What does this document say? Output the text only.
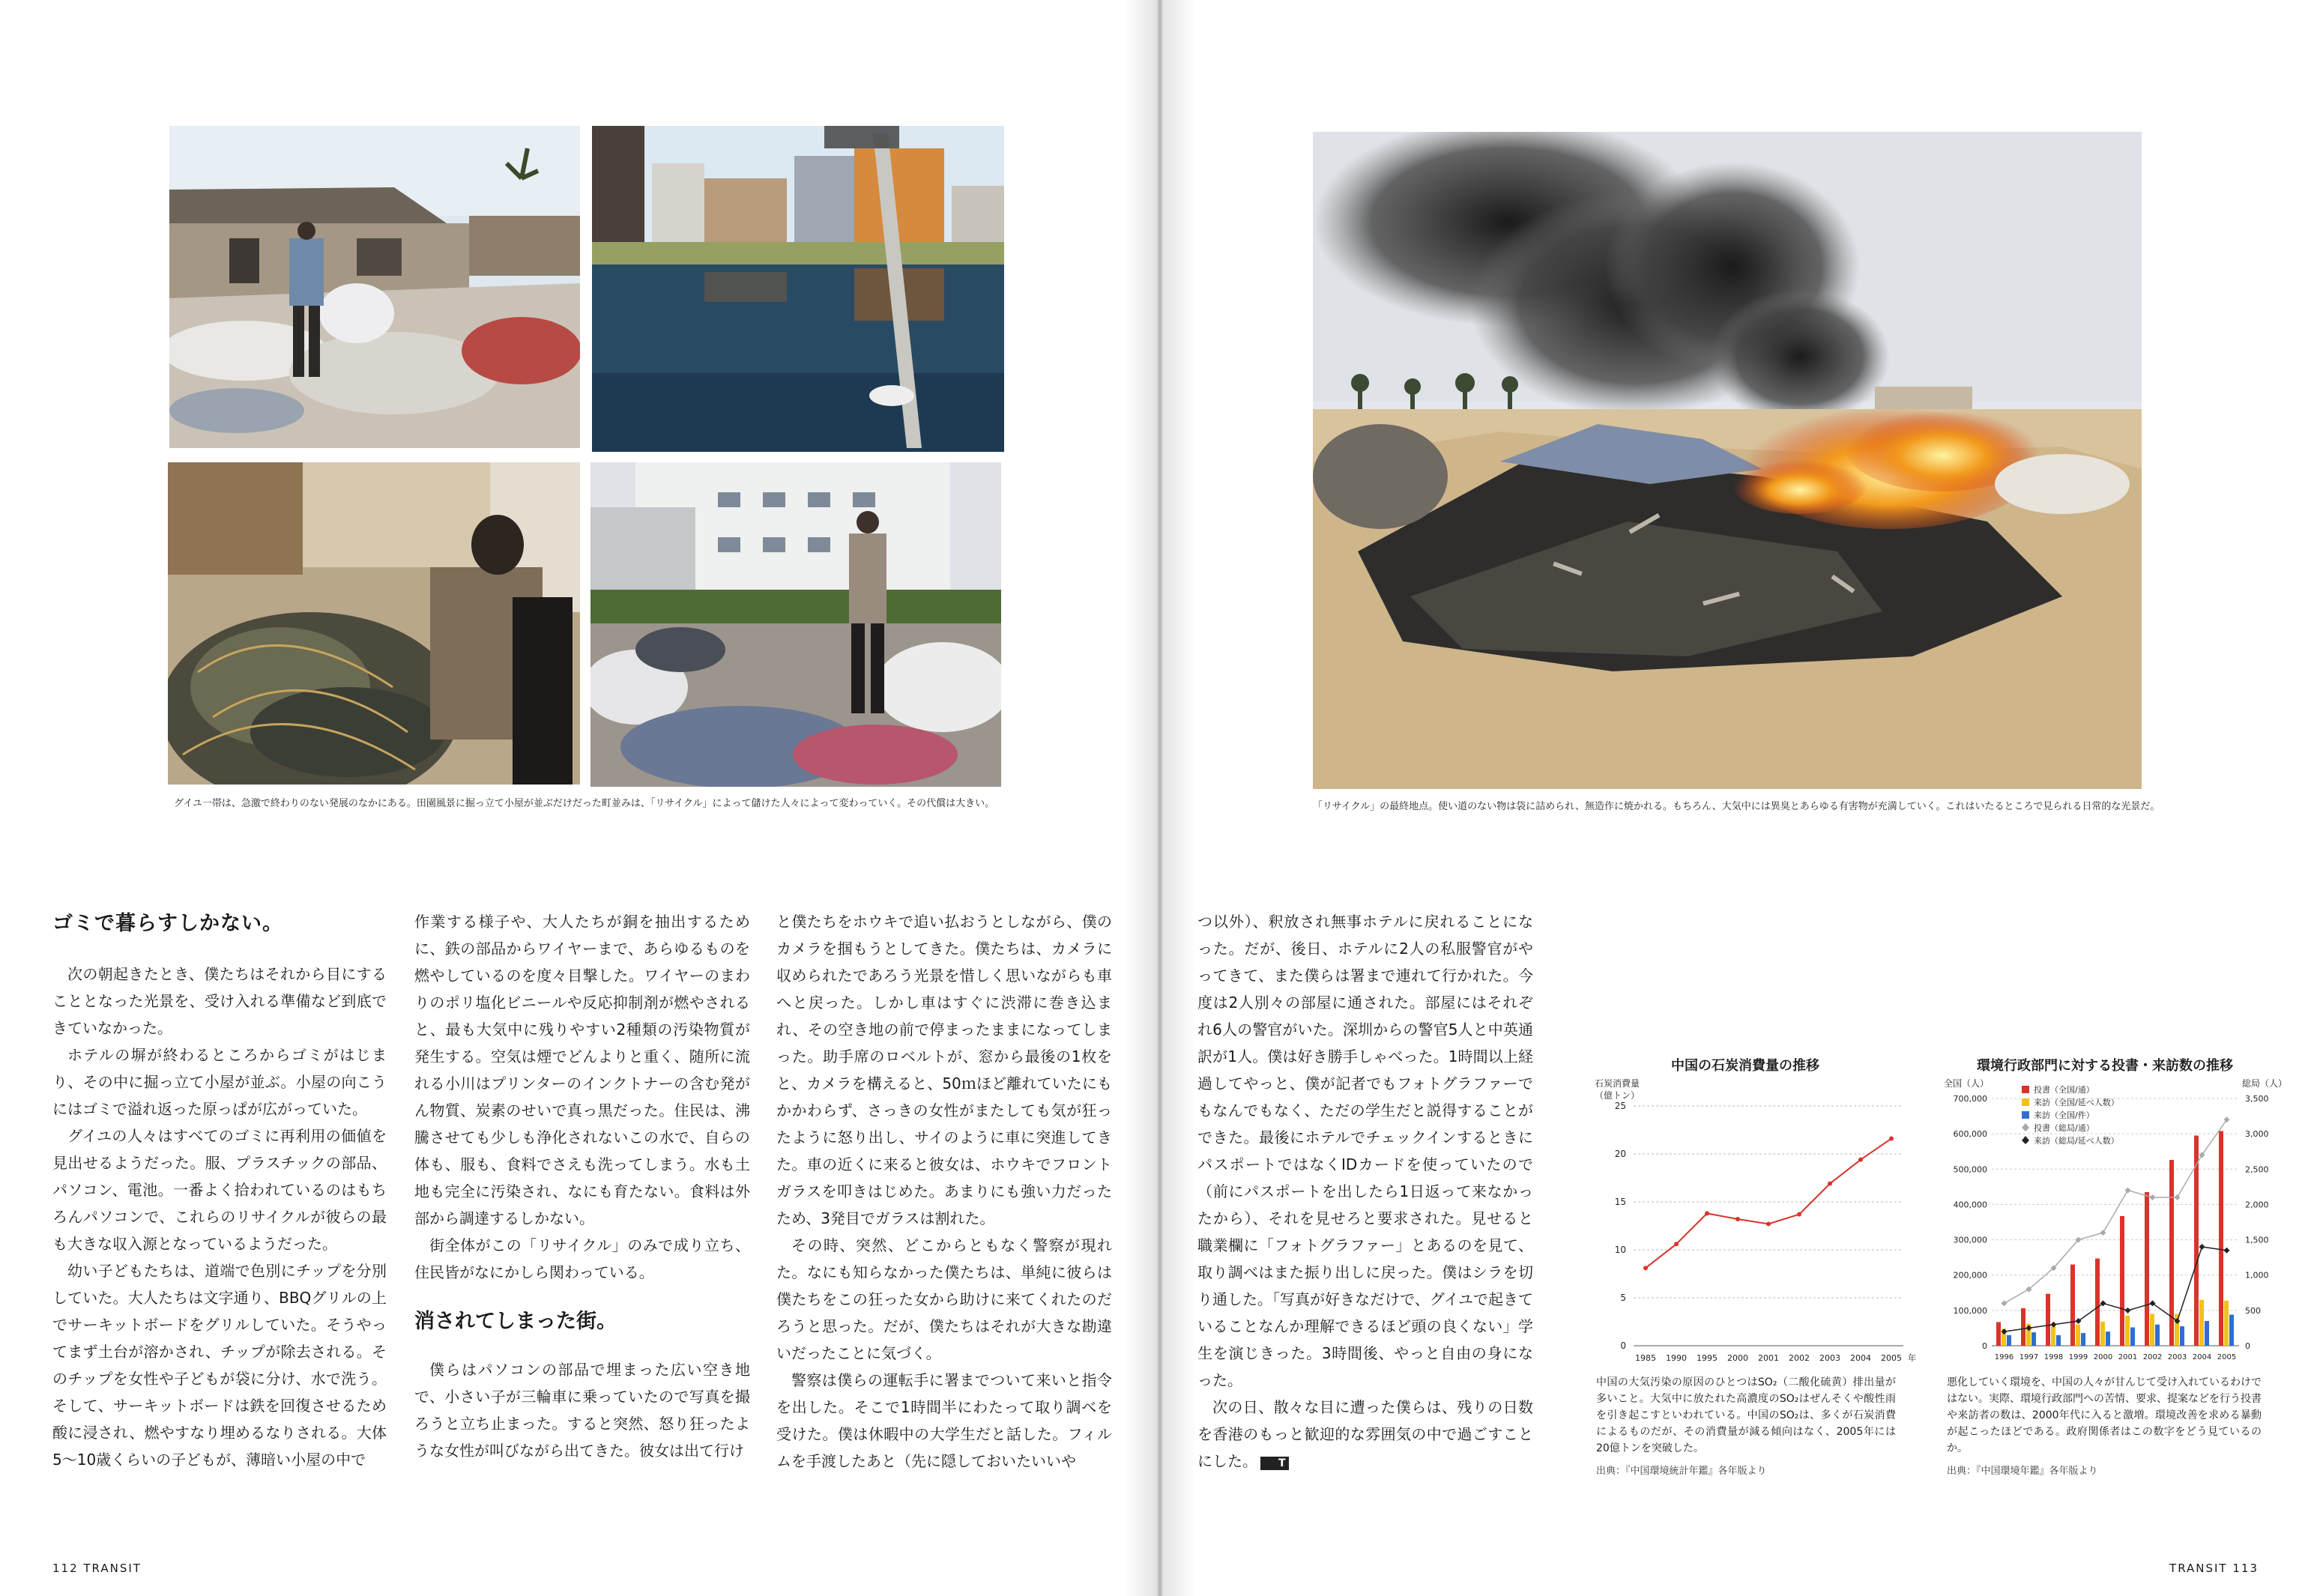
グイユ一帯は、急激で終わりのない発展のなかにある。田園風景に掘っ立て小屋が並ぶだけだった町並みは、「リサイクル」によって儲けた人々によって変わっていく。その代償は大きい。
ゴミで暮らすしかない。

次の朝起きたとき、僕たちはそれから目にすることとなった光景を、受け入れる準備など到底できていなかった。

ホテルの塀が終わるところからゴミがはじまり、その中に掘っ立て小屋が並ぶ。小屋の向こうにはゴミで溢れ返った原っぱが広がっていた。

グイユの人々はすべてのゴミに再利用の価値を見出せるようだった。服、プラスチックの部品、パソコン、電池。一番よく拾われているのはもちろんパソコンで、これらのリサイクルが彼らの最も大きな収入源となっているようだった。

幼い子どもたちは、道端で色別にチップを分別していた。大人たちは文字通り、BBQグリルの上でサーキットボードをグリルしていた。そうやってまず土台が溶かされ、チップが除去される。そのチップを女性や子どもが袋に分け、水で洗う。そして、サーキットボードは鉄を回復させるため酸に浸され、燃やすなり埋めるなりされる。大体5〜10歳くらいの子どもが、薄暗い小屋の中で

作業する様子や、大人たちが銅を抽出するために、鉄の部品からワイヤーまで、あらゆるものを燃やしているのを度々目撃した。ワイヤーのまわりのポリ塩化ビニールや反応抑制剤が燃やされると、最も大気中に残りやすい2種類の汚染物質が発生する。空気は煙でどんよりと重く、随所に流れる小川はプリンターのインクトナーの含む発がん物質、炭素のせいで真っ黒だった。住民は、沸騰させても少しも浄化されないこの水で、自らの体も、服も、食料でさえも洗ってしまう。水も土地も完全に汚染され、なにも育たない。食料は外部から調達するしかない。

街全体がこの「リサイクル」のみで成り立ち、住民皆がなにかしら関わっている。

消されてしまった街。

僕らはパソコンの部品で埋まった広い空き地で、小さい子が三輪車に乗っていたので写真を撮ろうと立ち止まった。すると突然、怒り狂ったような女性が叫びながら出てきた。彼女は出て行け

と僕たちをホウキで追い払おうとしながら、僕のカメラを掴もうとしてきた。僕たちは、カメラに収められたであろう光景を惜しく思いながらも車へと戻った。しかし車はすぐに渋滞に巻き込まれ、その空き地の前で停まったままになってしまった。助手席のロベルトが、窓から最後の1枚をと、カメラを構えると、50ｍほど離れていたにもかかわらず、さっきの女性がまたしても気が狂ったように怒り出し、サイのように車に突進してきた。車の近くに来ると彼女は、ホウキでフロントガラスを叩きはじめた。あまりにも強い力だったため、3発目でガラスは割れた。

その時、突然、どこからともなく警察が現れた。なにも知らなかった僕たちは、単純に彼らは僕たちをこの狂った女から助けに来てくれたのだろうと思った。だが、僕たちはそれが大きな勘違いだったことに気づく。

警察は僕らの運転手に署までついて来いと指令を出した。そこで1時間半にわたって取り調べを受けた。僕は休暇中の大学生だと話した。フィルムを手渡したあと（先に隠しておいたいいや

112 TRANSIT
「リサイクル」の最終地点。使い道のない物は袋に詰められ、無造作に焼かれる。もちろん、大気中には異臭とあらゆる有害物が充満していく。これはいたるところで見られる日常的な光景だ。

つ以外）、釈放され無事ホテルに戻れることになった。だが、後日、ホテルに2人の私服警官がやってきて、また僕らは署まで連れて行かれた。今度は2人別々の部屋に通された。部屋にはそれぞれ6人の警官がいた。深圳からの警官5人と中英通訳が1人。僕は好き勝手しゃべった。1時間以上経過してやっと、僕が記者でもフォトグラファーでもなんでもなく、ただの学生だと説得することができた。最後にホテルでチェックインするときにパスポートではなくIDカードを使っていたので（前にパスポートを出したら1日返って来なかったから）、それを見せろと要求された。見せると職業欄に「フォトグラファー」とあるのを見て、取り調べはまた振り出しに戻った。僕はシラを切り通した。「写真が好きなだけで、グイユで起きていることなんか理解できるほど頭の良くない」学生を演じきった。3時間後、やっと自由の身になった。

次の日、散々な目に遭った僕らは、残りの日数を香港のもっと歓迎的な雰囲気の中で過ごすことにした。 T

中国の石炭消費量の推移
石炭消費量
（億トン）
0
5
10
15
20
25
1985 1990 1995 2000 2001 2002 2003 2004 2005 年
中国の大気汚染の原因のひとつはSO₂（二酸化硫黄）排出量が多いこと。大気中に放たれた高濃度のSO₂はぜんそくや酸性雨を引き起こすといわれている。中国のSO₂は、多くが石炭消費によるものだが、その消費量が減る傾向はなく、2005年には20億トンを突破した。
出典：『中国環境統計年鑑』各年版より
環境行政部門に対する投書・来訪数の推移
全国（人）	総局（人）
0
100,000
200,000
300,000
400,000
500,000
600,000
700,000
0
500
1,000
1,500
2,000
2,500
3,000
3,500
1996 1997 1998 1999 2000 2001 2002 2003 2004 2005
投書（全国/通）
来訪（全国/延べ人数）
来訪（全国/件）
投書（総局/通）
来訪（総局/延べ人数）
悪化していく環境を、中国の人々が甘んじて受け入れているわけではない。実際、環境行政部門への苦情、要求、提案などを行う投書や来訪者の数は、2000年代に入ると激増。環境改善を求める暴動が起こったほどである。政府関係者はこの数字をどう見ているのか。
出典：『中国環境年鑑』各年版より
TRANSIT 113
